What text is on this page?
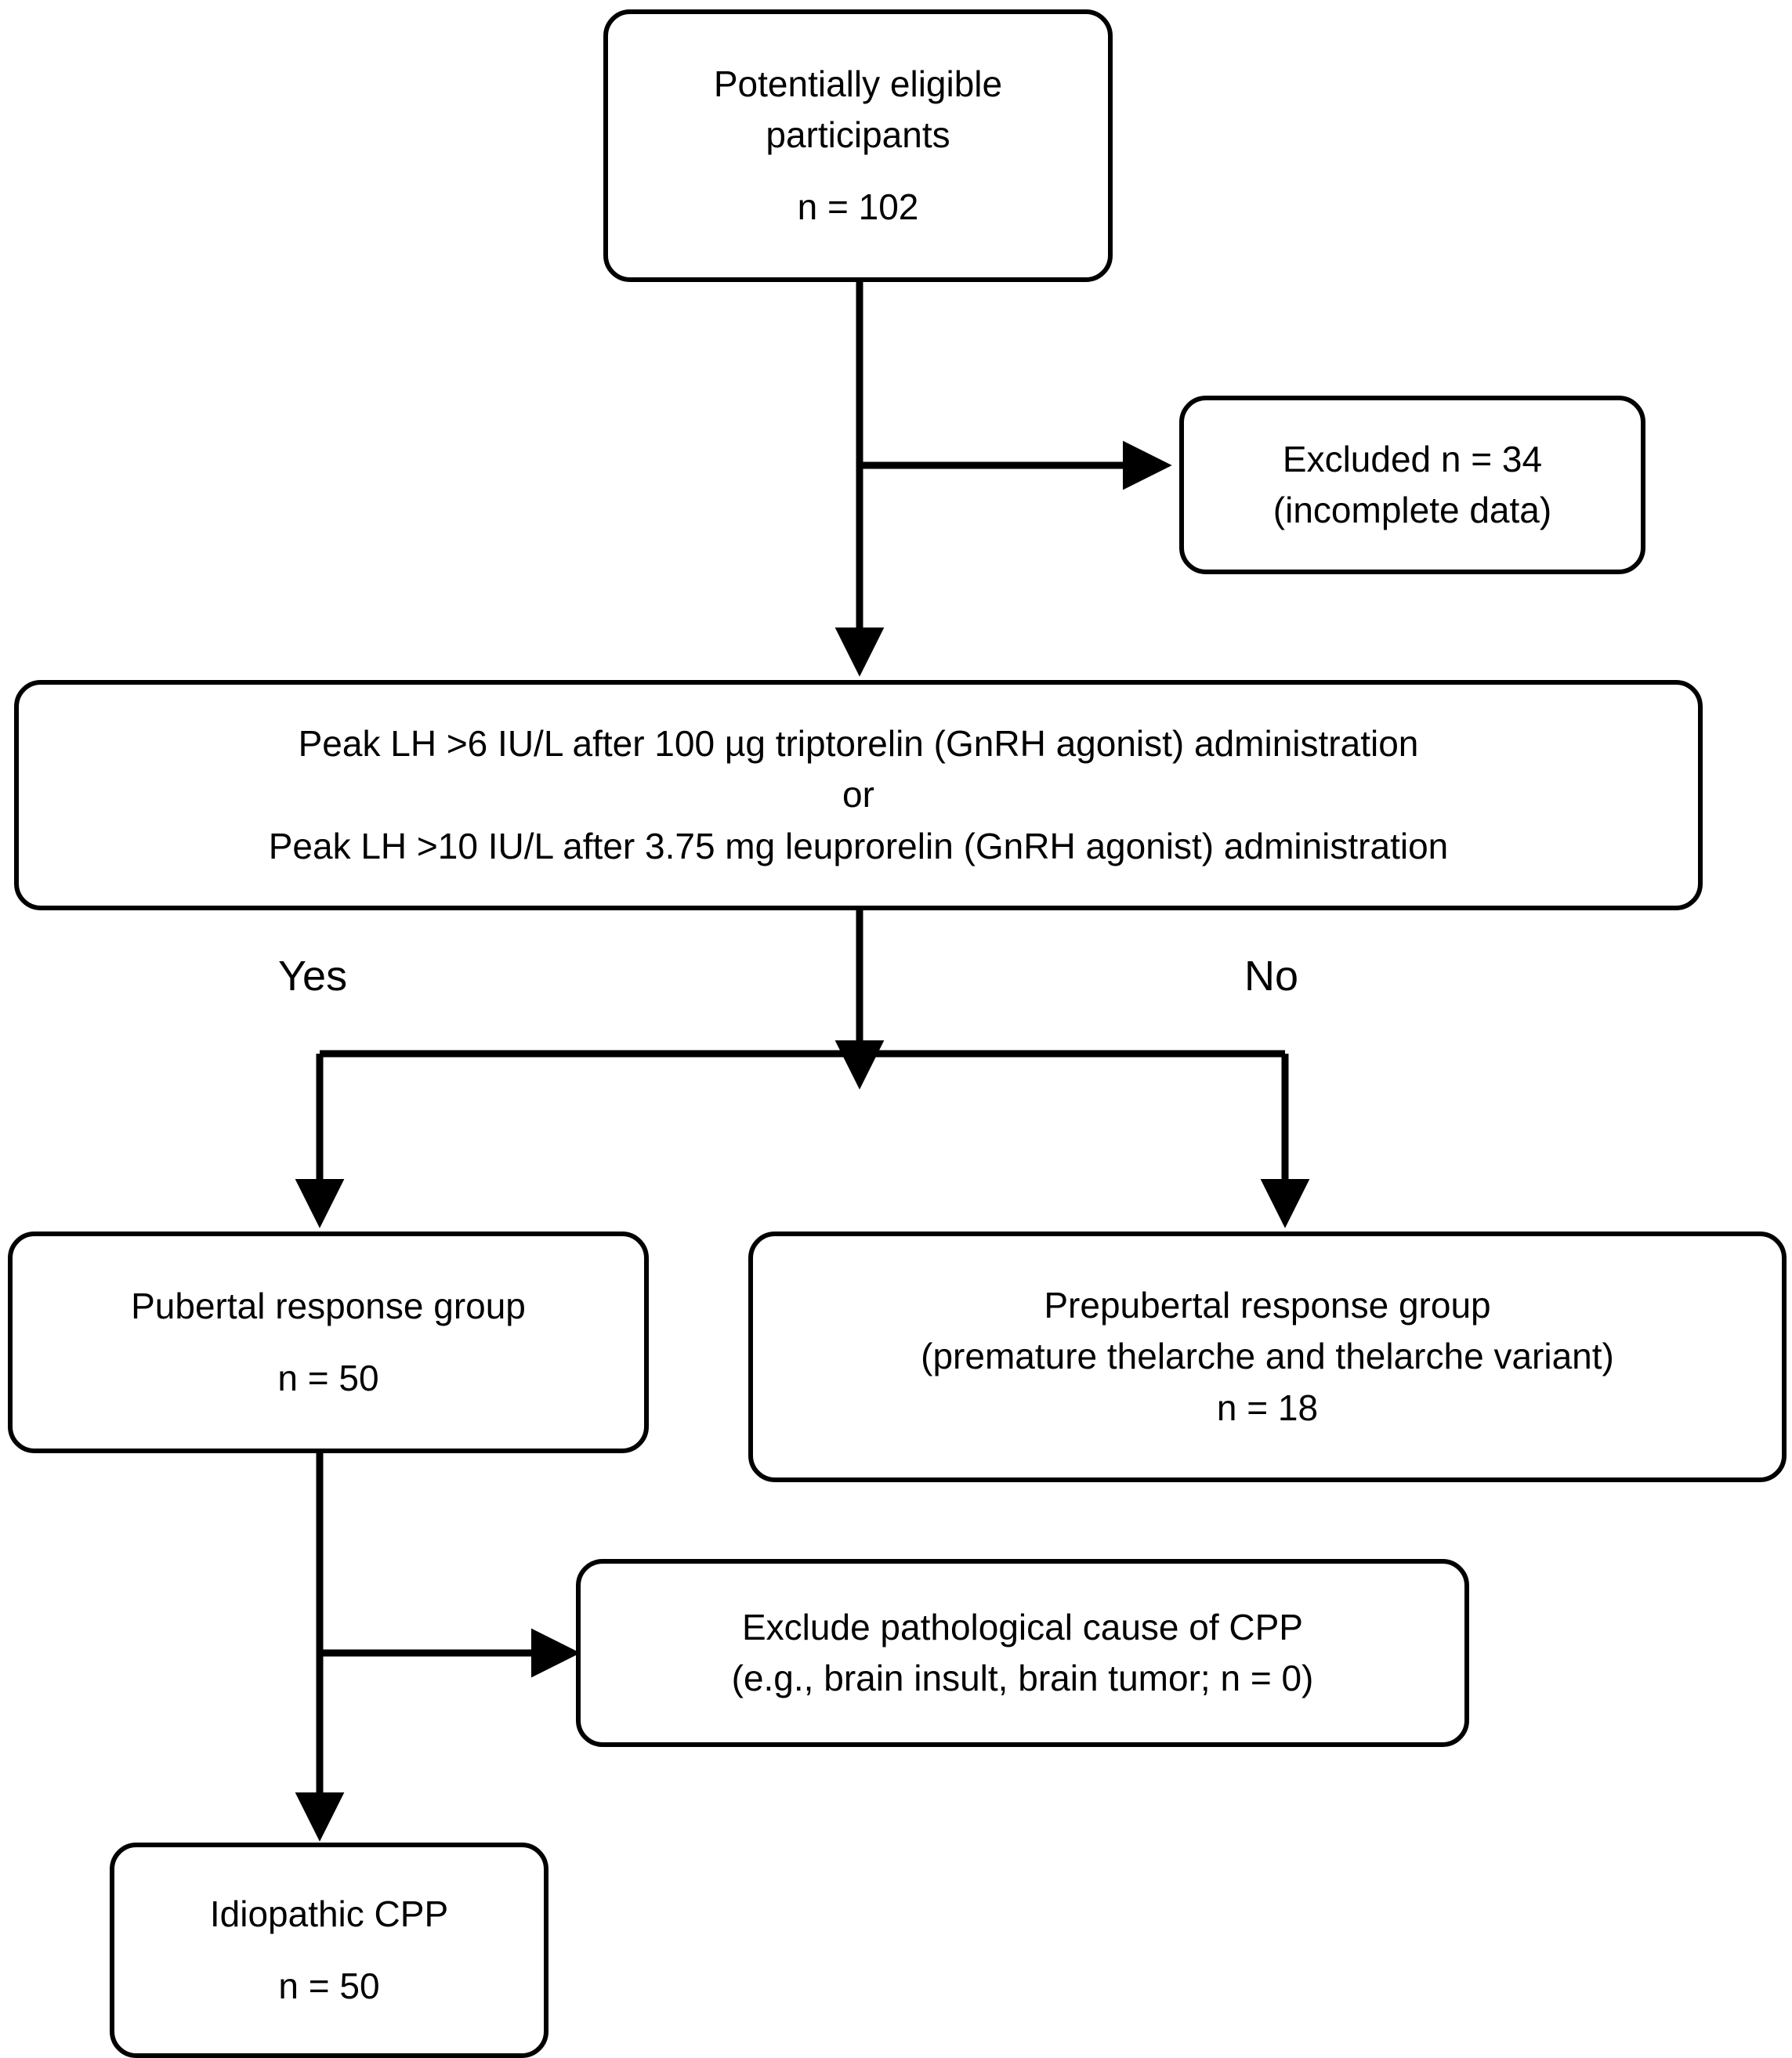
Potentially eligible
participants
n = 102
Excluded n = 34
(incomplete data)
Peak LH >6 IU/L after 100 µg triptorelin (GnRH agonist) administration
or
Peak LH >10 IU/L after 3.75 mg leuprorelin (GnRH agonist) administration
Yes	No
Pubertal response group
n = 50
Prepubertal response group
(premature thelarche and thelarche variant)
n = 18
Exclude pathological cause of CPP
(e.g., brain insult, brain tumor; n = 0)
Idiopathic CPP
n = 50
